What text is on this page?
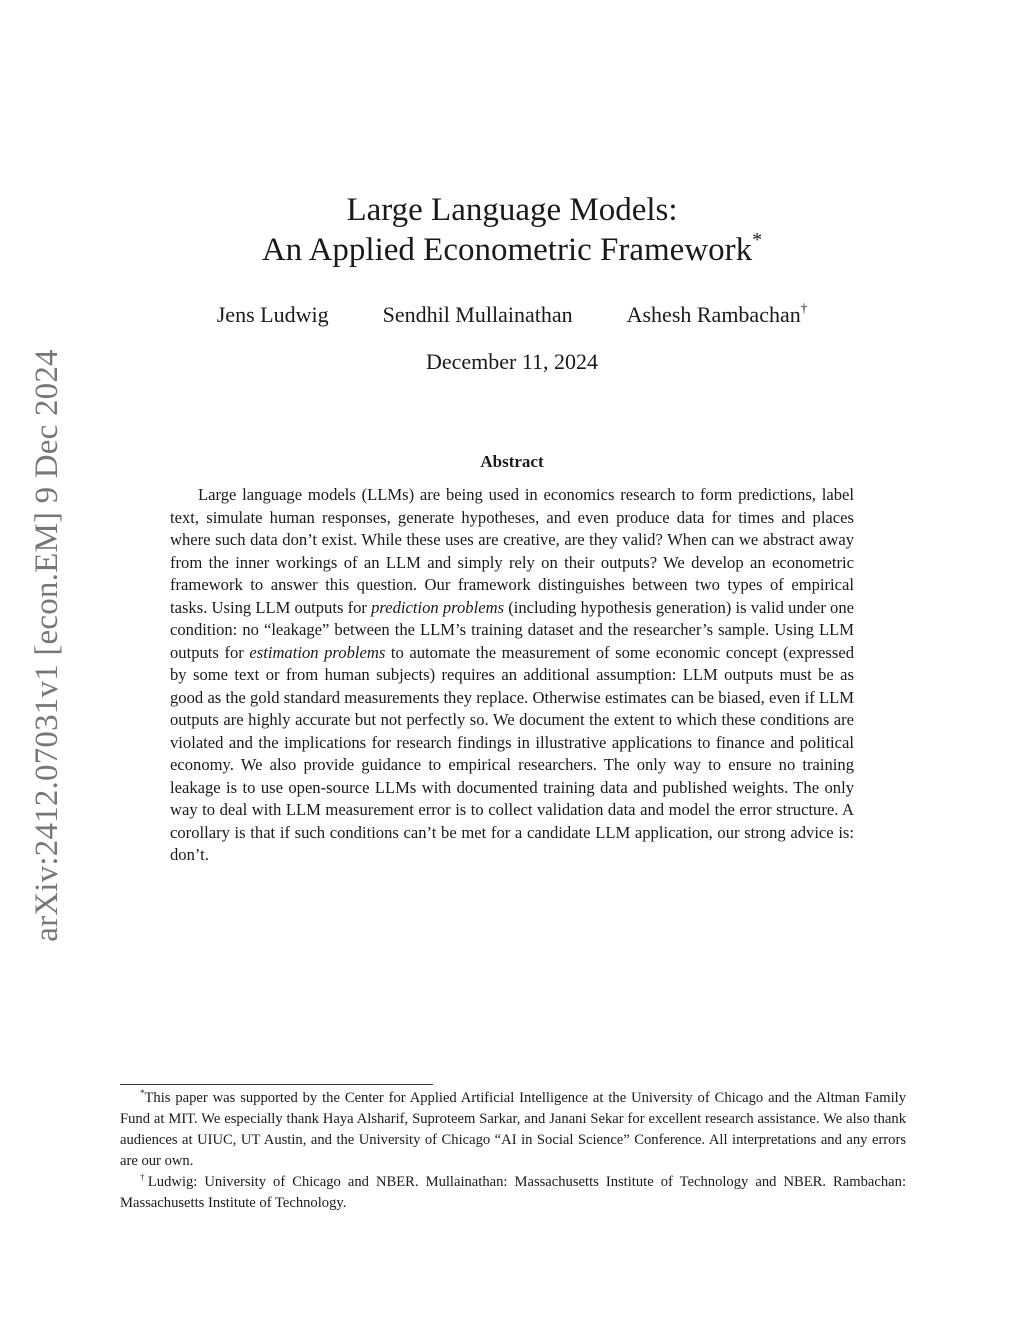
arXiv:2412.07031v1 [econ.EM] 9 Dec 2024
Large Language Models:
An Applied Econometric Framework*
Jens Ludwig Sendhil Mullainathan Ashesh Rambachan†
December 11, 2024
Abstract

Large language models (LLMs) are being used in economics research to form predictions, label text, simulate human responses, generate hypotheses, and even produce data for times and places where such data don’t exist. While these uses are creative, are they valid? When can we abstract away from the inner workings of an LLM and simply rely on their outputs? We develop an econometric framework to answer this question. Our framework distinguishes between two types of empirical tasks. Using LLM outputs for prediction problems (including hypothesis generation) is valid under one condition: no “leakage” between the LLM’s training dataset and the researcher’s sample. Using LLM outputs for estimation problems to automate the measurement of some economic concept (expressed by some text or from human subjects) requires an additional assumption: LLM outputs must be as good as the gold standard measurements they replace. Otherwise estimates can be biased, even if LLM outputs are highly accurate but not perfectly so. We document the extent to which these conditions are violated and the implications for research findings in illustrative applications to finance and political economy. We also provide guidance to empirical researchers. The only way to ensure no training leakage is to use open-source LLMs with documented training data and published weights. The only way to deal with LLM measurement error is to collect validation data and model the error structure. A corollary is that if such conditions can’t be met for a candidate LLM application, our strong advice is: don’t.

*This paper was supported by the Center for Applied Artificial Intelligence at the University of Chicago and the Altman Family Fund at MIT. We especially thank Haya Alsharif, Suproteem Sarkar, and Janani Sekar for excellent research assistance. We also thank audiences at UIUC, UT Austin, and the University of Chicago “AI in Social Science” Conference. All interpretations and any errors are our own.

†Ludwig: University of Chicago and NBER. Mullainathan: Massachusetts Institute of Technology and NBER. Rambachan: Massachusetts Institute of Technology.
